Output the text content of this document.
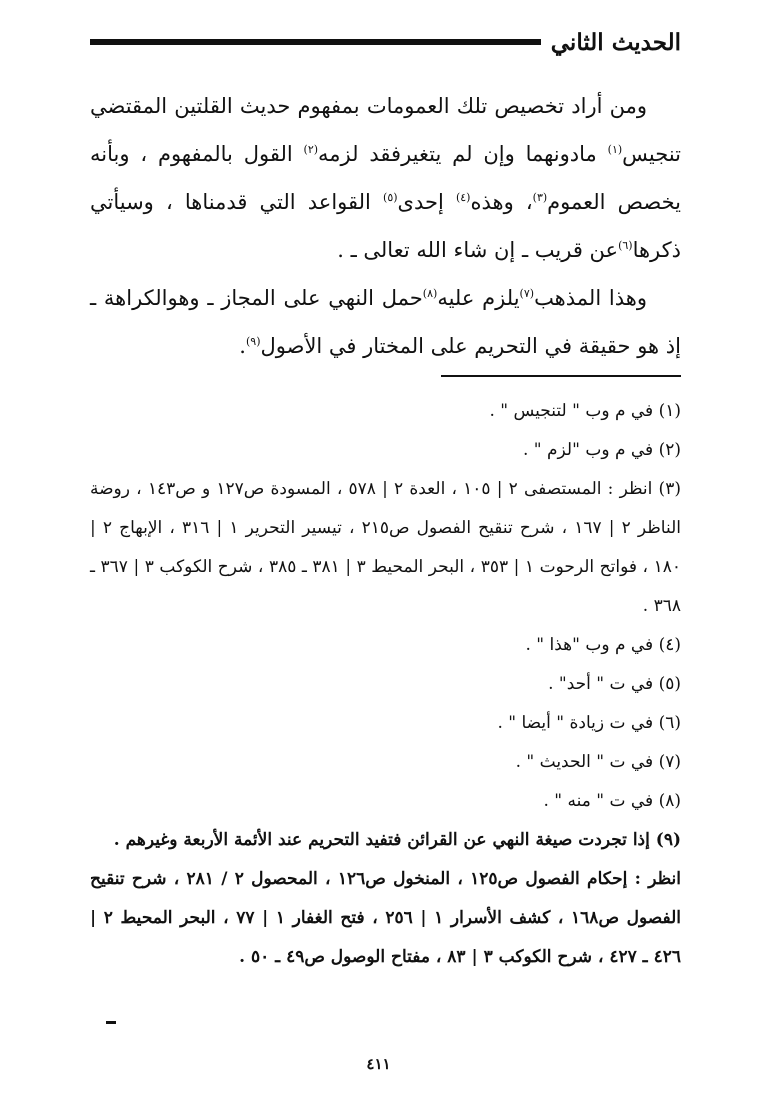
الحديث الثاني

ومن أراد تخصيص تلك العمومات بمفهوم حديث القلتين المقتضي تنجيس$^{(١)}$ مادونهما وإن لم يتغيرفقد لزمه$^{(٢)}$ القول بالمفهوم ، وبأنه يخصص العموم$^{(٣)}$، وهذه$^{(٤)}$ إحدى$^{(٥)}$ القواعد التي قدمناها ، وسيأتي ذكرها$^{(٦)}$عن قريب ـ إن شاء الله تعالى ـ .

وهذا المذهب$^{(٧)}$يلزم عليه$^{(٨)}$حمل النهي على المجاز ـ وهوالكراهة ـ إذ هو حقيقة في التحريم على المختار في الأصول$^{(٩)}$.

(١) في م وب " لتنجيس " .

(٢) في م وب "لزم " .

(٣) انظر : المستصفى ٢ | ١٠٥ ، العدة ٢ | ٥٧٨ ، المسودة ص١٢٧ و ص١٤٣ ، روضة الناظر ٢ | ١٦٧ ، شرح تنقيح الفصول ص٢١٥ ، تيسير التحرير ١ | ٣١٦ ، الإبهاج ٢ | ١٨٠ ، فواتح الرحوت ١ | ٣٥٣ ، البحر المحيط ٣ | ٣٨١ ـ ٣٨٥ ، شرح الكوكب ٣ | ٣٦٧ ـ ٣٦٨ .

(٤) في م وب "هذا " .

(٥) في ت " أحد" .

(٦) في ت زيادة " أيضا " .

(٧) في ت " الحديث " .

(٨) في ت " منه " .

(٩) إذا تجردت صيغة النهي عن القرائن فتفيد التحريم عند الأئمة الأربعة وغيرهم .

انظر : إحكام الفصول ص١٢٥ ، المنخول ص١٢٦ ، المحصول ٢ / ٢٨١ ، شرح تنقيح الفصول ص١٦٨ ، كشف الأسرار ١ | ٢٥٦ ، فتح الغفار ١ | ٧٧ ، البحر المحيط ٢ | ٤٢٦ ـ ٤٢٧ ، شرح الكوكب ٣ | ٨٣ ، مفتاح الوصول ص٤٩ ـ ٥٠ .

٤١١
